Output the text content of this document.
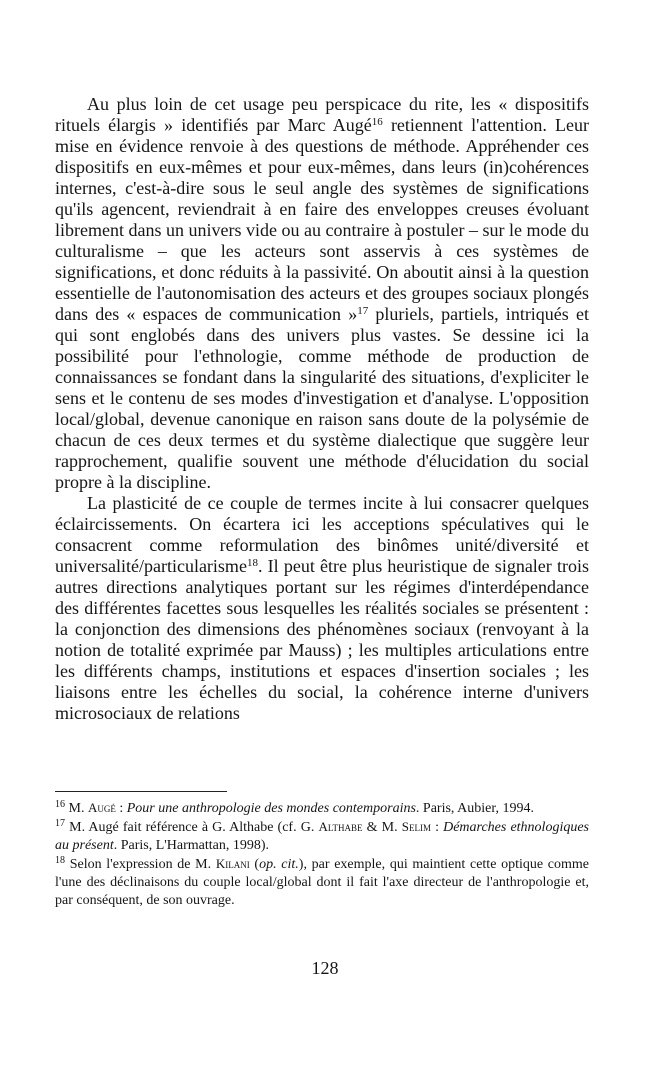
Au plus loin de cet usage peu perspicace du rite, les « dispositifs rituels élargis » identifiés par Marc Augé$^{16}$ retiennent l'attention. Leur mise en évidence renvoie à des questions de méthode. Appréhender ces dispositifs en eux-mêmes et pour eux-mêmes, dans leurs (in)cohérences internes, c'est-à-dire sous le seul angle des systèmes de significations qu'ils agencent, reviendrait à en faire des enveloppes creuses évoluant librement dans un univers vide ou au contraire à postuler – sur le mode du culturalisme – que les acteurs sont asservis à ces systèmes de significations, et donc réduits à la passivité. On aboutit ainsi à la question essentielle de l'autonomisation des acteurs et des groupes sociaux plongés dans des « espaces de communication »$^{17}$ pluriels, partiels, intriqués et qui sont englobés dans des univers plus vastes. Se dessine ici la possibilité pour l'ethnologie, comme méthode de production de connaissances se fondant dans la singularité des situations, d'expliciter le sens et le contenu de ses modes d'investigation et d'analyse. L'opposition local/global, devenue canonique en raison sans doute de la polysémie de chacun de ces deux termes et du système dialectique que suggère leur rapprochement, qualifie souvent une méthode d'élucidation du social propre à la discipline.

La plasticité de ce couple de termes incite à lui consacrer quelques éclaircissements. On écartera ici les acceptions spéculatives qui le consacrent comme reformulation des binômes unité/diversité et universalité/particularisme$^{18}$. Il peut être plus heuristique de signaler trois autres directions analytiques portant sur les régimes d'interdépendance des différentes facettes sous lesquelles les réalités sociales se présentent : la conjonction des dimensions des phénomènes sociaux (renvoyant à la notion de totalité exprimée par Mauss) ; les multiples articulations entre les différents champs, institutions et espaces d'insertion sociales ; les liaisons entre les échelles du social, la cohérence interne d'univers microsociaux de relations

$^{16}$ M. Augé : Pour une anthropologie des mondes contemporains. Paris, Aubier, 1994.

$^{17}$ M. Augé fait référence à G. Althabe (cf. G. Althabe & M. Selim : Démarches ethnologiques au présent. Paris, L'Harmattan, 1998).

$^{18}$ Selon l'expression de M. Kilani (op. cit.), par exemple, qui maintient cette optique comme l'une des déclinaisons du couple local/global dont il fait l'axe directeur de l'anthropologie et, par conséquent, de son ouvrage.

128
